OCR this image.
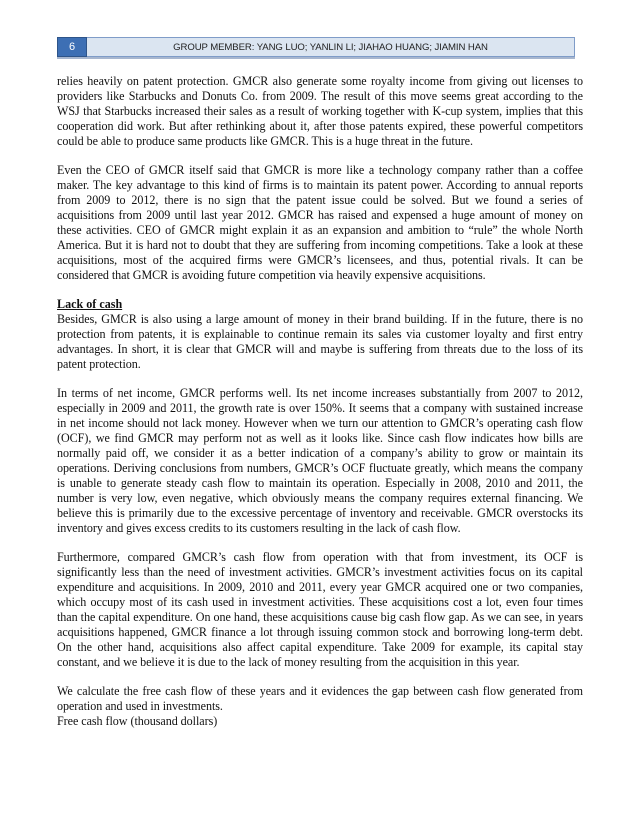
6	GROUP MEMBER: YANG LUO; YANLIN LI; JIAHAO HUANG; JIAMIN HAN

relies heavily on patent protection. GMCR also generate some royalty income from giving out licenses to providers like Starbucks and Donuts Co. from 2009. The result of this move seems great according to the WSJ that Starbucks increased their sales as a result of working together with K-cup system, implies that this cooperation did work. But after rethinking about it, after those patents expired, these powerful competitors could be able to produce same products like GMCR. This is a huge threat in the future.

Even the CEO of GMCR itself said that GMCR is more like a technology company rather than a coffee maker. The key advantage to this kind of firms is to maintain its patent power. According to annual reports from 2009 to 2012, there is no sign that the patent issue could be solved. But we found a series of acquisitions from 2009 until last year 2012. GMCR has raised and expensed a huge amount of money on these activities. CEO of GMCR might explain it as an expansion and ambition to “rule” the whole North America. But it is hard not to doubt that they are suffering from incoming competitions. Take a look at these acquisitions, most of the acquired firms were GMCR’s licensees, and thus, potential rivals. It can be considered that GMCR is avoiding future competition via heavily expensive acquisitions.

Lack of cash

Besides, GMCR is also using a large amount of money in their brand building. If in the future, there is no protection from patents, it is explainable to continue remain its sales via customer loyalty and first entry advantages. In short, it is clear that GMCR will and maybe is suffering from threats due to the loss of its patent protection.

In terms of net income, GMCR performs well. Its net income increases substantially from 2007 to 2012, especially in 2009 and 2011, the growth rate is over 150%. It seems that a company with sustained increase in net income should not lack money. However when we turn our attention to GMCR’s operating cash flow (OCF), we find GMCR may perform not as well as it looks like. Since cash flow indicates how bills are normally paid off, we consider it as a better indication of a company’s ability to grow or maintain its operations. Deriving conclusions from numbers, GMCR’s OCF fluctuate greatly, which means the company is unable to generate steady cash flow to maintain its operation. Especially in 2008, 2010 and 2011, the number is very low, even negative, which obviously means the company requires external financing. We believe this is primarily due to the excessive percentage of inventory and receivable. GMCR overstocks its inventory and gives excess credits to its customers resulting in the lack of cash flow.

Furthermore, compared GMCR’s cash flow from operation with that from investment, its OCF is significantly less than the need of investment activities. GMCR’s investment activities focus on its capital expenditure and acquisitions. In 2009, 2010 and 2011, every year GMCR acquired one or two companies, which occupy most of its cash used in investment activities. These acquisitions cost a lot, even four times than the capital expenditure. On one hand, these acquisitions cause big cash flow gap. As we can see, in years acquisitions happened, GMCR finance a lot through issuing common stock and borrowing long-term debt. On the other hand, acquisitions also affect capital expenditure. Take 2009 for example, its capital stay constant, and we believe it is due to the lack of money resulting from the acquisition in this year.

We calculate the free cash flow of these years and it evidences the gap between cash flow generated from operation and used in investments.

Free cash flow (thousand dollars)
